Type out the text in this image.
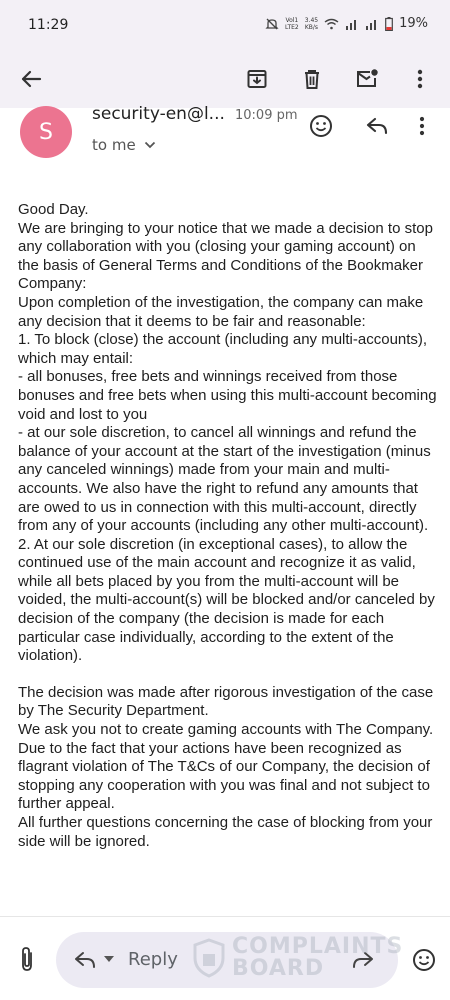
11:29	Vol1
LTE2
3.45
KB/s	19%
S
security-en@l... 10:09 pm
to me

Good Day.
We are bringing to your notice that we made a decision to stop any collaboration with you (closing your gaming account) on the basis of General Terms and Conditions of the Bookmaker Company:
Upon completion of the investigation, the company can make any decision that it deems to be fair and reasonable:
1. To block (close) the account (including any multi-accounts), which may entail:
- all bonuses, free bets and winnings received from those bonuses and free bets when using this multi-account becoming void and lost to you
- at our sole discretion, to cancel all winnings and refund the balance of your account at the start of the investigation (minus any canceled winnings) made from your main and multi-accounts. We also have the right to refund any amounts that are owed to us in connection with this multi-account, directly from any of your accounts (including any other multi-account).
2. At our sole discretion (in exceptional cases), to allow the continued use of the main account and recognize it as valid, while all bets placed by you from the multi-account will be voided, the multi-account(s) will be blocked and/or canceled by decision of the company (the decision is made for each particular case individually, according to the extent of the violation).

The decision was made after rigorous investigation of the case by The Security Department.
We ask you not to create gaming accounts with The Company.
Due to the fact that your actions have been recognized as flagrant violation of The T&Cs of our Company, the decision of stopping any cooperation with you was final and not subject to further appeal.
All further questions concerning the case of blocking from your side will be ignored.

Reply
COMPLAINTS
BOARD
